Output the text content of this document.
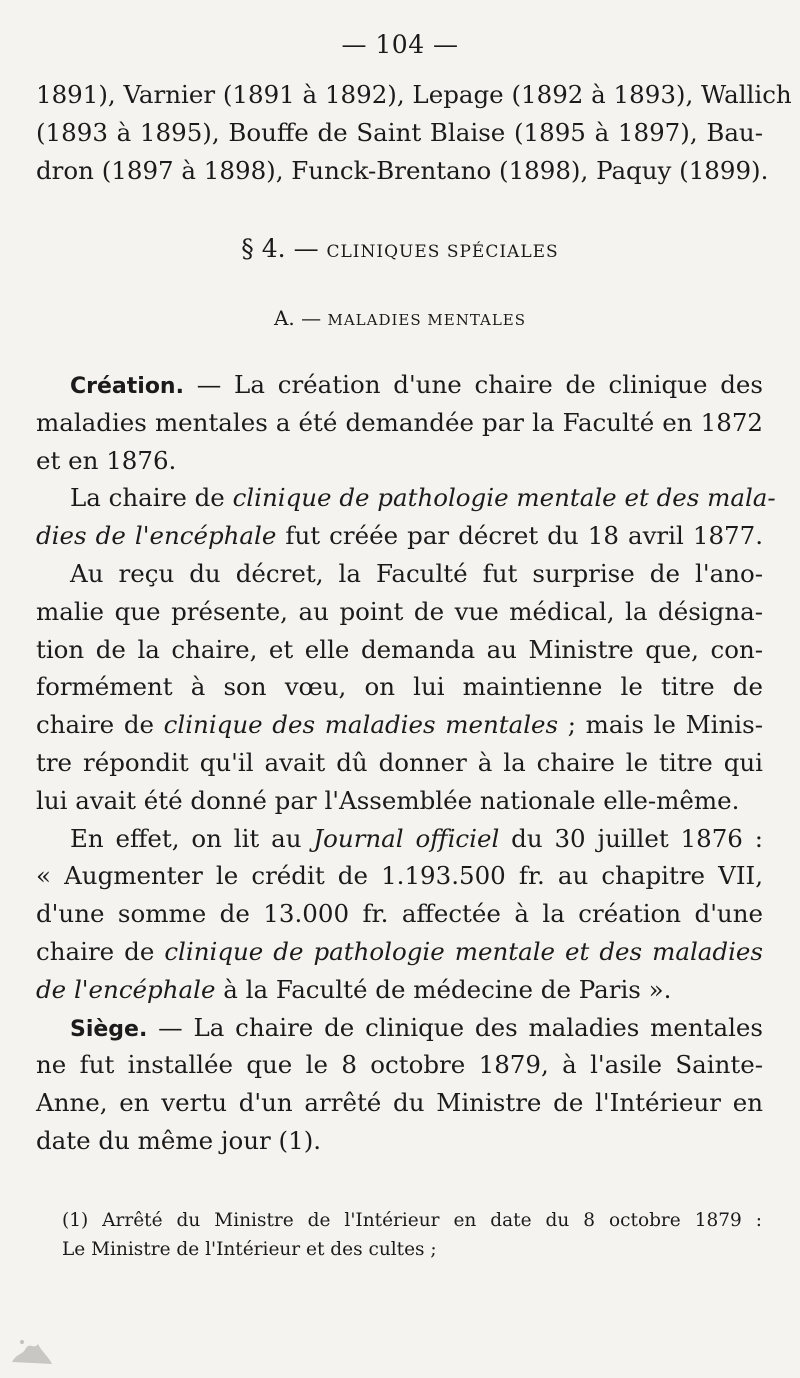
— 104 —
1891), Varnier (1891 à 1892), Lepage (1892 à 1893), Wallich
(1893 à 1895), Bouffe de Saint Blaise (1895 à 1897), Bau-
dron (1897 à 1898), Funck-Brentano (1898), Paquy (1899).
§ 4. — CLINIQUES SPÉCIALES
A. — MALADIES MENTALES
Création. — La création d'une chaire de clinique des
maladies mentales a été demandée par la Faculté en 1872
et en 1876.
La chaire de clinique de pathologie mentale et des mala-
dies de l'encéphale fut créée par décret du 18 avril 1877.
Au reçu du décret, la Faculté fut surprise de l'ano-
malie que présente, au point de vue médical, la désigna-
tion de la chaire, et elle demanda au Ministre que, con-
formément à son vœu, on lui maintienne le titre de
chaire de clinique des maladies mentales ; mais le Minis-
tre répondit qu'il avait dû donner à la chaire le titre qui
lui avait été donné par l'Assemblée nationale elle-même.
En effet, on lit au Journal officiel du 30 juillet 1876 :
« Augmenter le crédit de 1.193.500 fr. au chapitre VII,
d'une somme de 13.000 fr. affectée à la création d'une
chaire de clinique de pathologie mentale et des maladies
de l'encéphale à la Faculté de médecine de Paris ».
Siège. — La chaire de clinique des maladies mentales
ne fut installée que le 8 octobre 1879, à l'asile Sainte-
Anne, en vertu d'un arrêté du Ministre de l'Intérieur en
date du même jour (1).
(1) Arrêté du Ministre de l'Intérieur en date du 8 octobre 1879 :
Le Ministre de l'Intérieur et des cultes ;
